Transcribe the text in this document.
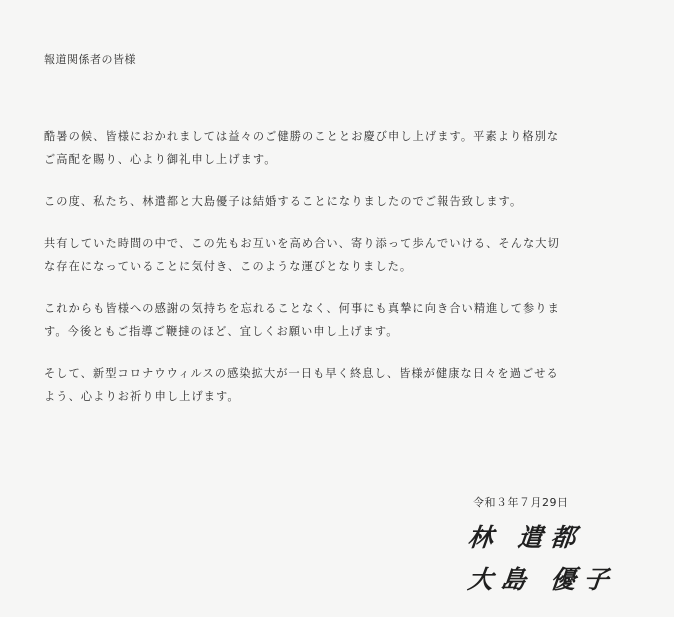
報道関係者の皆様

酷暑の候、皆様におかれましては益々のご健勝のこととお慶び申し上げます。平素より格別な
ご高配を賜り、心より御礼申し上げます。

この度、私たち、林遣都と大島優子は結婚することになりましたのでご報告致します。

共有していた時間の中で、この先もお互いを高め合い、寄り添って歩んでいける、そんな大切
な存在になっていることに気付き、このような運びとなりました。

これからも皆様への感謝の気持ちを忘れることなく、何事にも真摯に向き合い精進して参りま
す。今後ともご指導ご鞭撻のほど、宜しくお願い申し上げます。

そして、新型コロナウウィルスの感染拡大が一日も早く終息し、皆様が健康な日々を過ごせる
よう、心よりお祈り申し上げます。

令和３年７月29日
林 遣都
大島 優子
